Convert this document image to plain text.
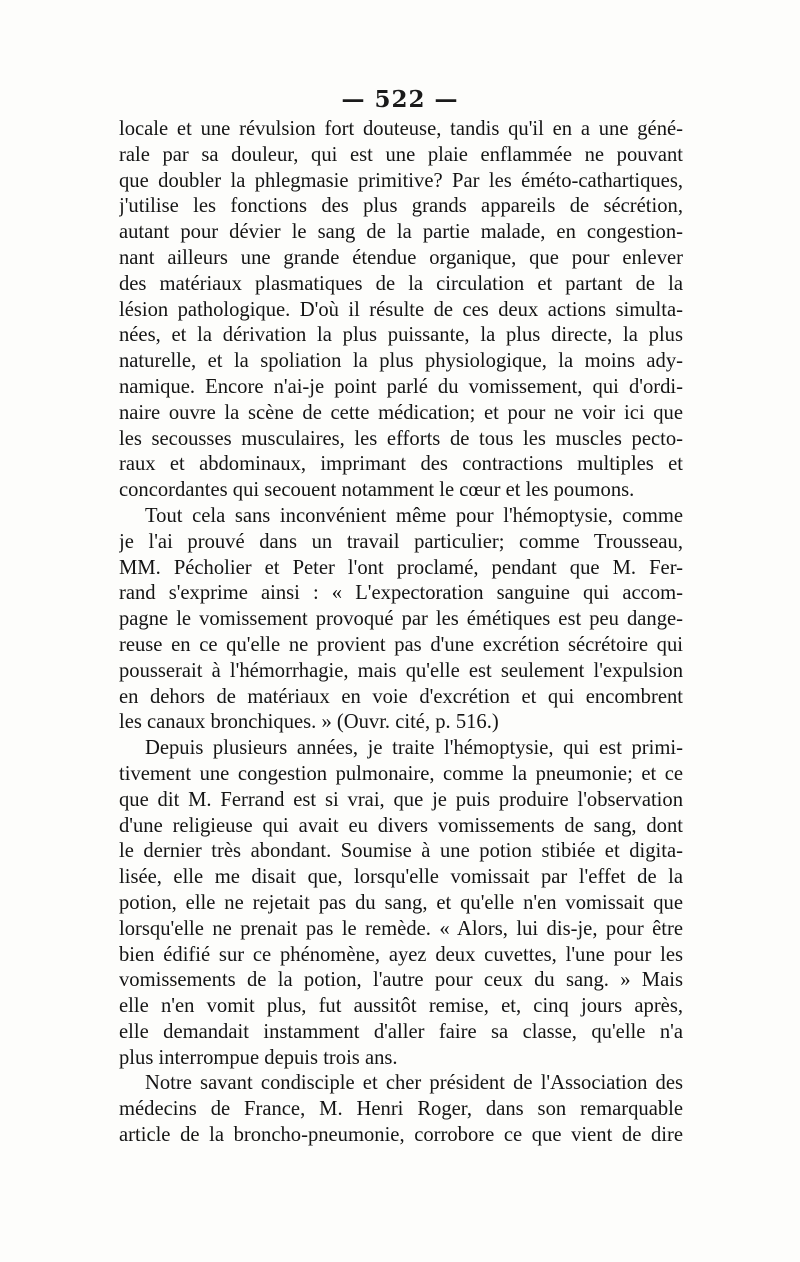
— 522 —
locale et une révulsion fort douteuse, tandis qu'il en a une géné-
rale par sa douleur, qui est une plaie enflammée ne pouvant
que doubler la phlegmasie primitive? Par les éméto-cathartiques,
j'utilise les fonctions des plus grands appareils de sécrétion,
autant pour dévier le sang de la partie malade, en congestion-
nant ailleurs une grande étendue organique, que pour enlever
des matériaux plasmatiques de la circulation et partant de la
lésion pathologique. D'où il résulte de ces deux actions simulta-
nées, et la dérivation la plus puissante, la plus directe, la plus
naturelle, et la spoliation la plus physiologique, la moins ady-
namique. Encore n'ai-je point parlé du vomissement, qui d'ordi-
naire ouvre la scène de cette médication; et pour ne voir ici que
les secousses musculaires, les efforts de tous les muscles pecto-
raux et abdominaux, imprimant des contractions multiples et
concordantes qui secouent notamment le cœur et les poumons.
Tout cela sans inconvénient même pour l'hémoptysie, comme
je l'ai prouvé dans un travail particulier; comme Trousseau,
MM. Pécholier et Peter l'ont proclamé, pendant que M. Fer-
rand s'exprime ainsi : « L'expectoration sanguine qui accom-
pagne le vomissement provoqué par les émétiques est peu dange-
reuse en ce qu'elle ne provient pas d'une excrétion sécrétoire qui
pousserait à l'hémorrhagie, mais qu'elle est seulement l'expulsion
en dehors de matériaux en voie d'excrétion et qui encombrent
les canaux bronchiques. » (Ouvr. cité, p. 516.)
Depuis plusieurs années, je traite l'hémoptysie, qui est primi-
tivement une congestion pulmonaire, comme la pneumonie; et ce
que dit M. Ferrand est si vrai, que je puis produire l'observation
d'une religieuse qui avait eu divers vomissements de sang, dont
le dernier très abondant. Soumise à une potion stibiée et digita-
lisée, elle me disait que, lorsqu'elle vomissait par l'effet de la
potion, elle ne rejetait pas du sang, et qu'elle n'en vomissait que
lorsqu'elle ne prenait pas le remède. « Alors, lui dis-je, pour être
bien édifié sur ce phénomène, ayez deux cuvettes, l'une pour les
vomissements de la potion, l'autre pour ceux du sang. » Mais
elle n'en vomit plus, fut aussitôt remise, et, cinq jours après,
elle demandait instamment d'aller faire sa classe, qu'elle n'a
plus interrompue depuis trois ans.
Notre savant condisciple et cher président de l'Association des
médecins de France, M. Henri Roger, dans son remarquable
article de la broncho-pneumonie, corrobore ce que vient de dire
